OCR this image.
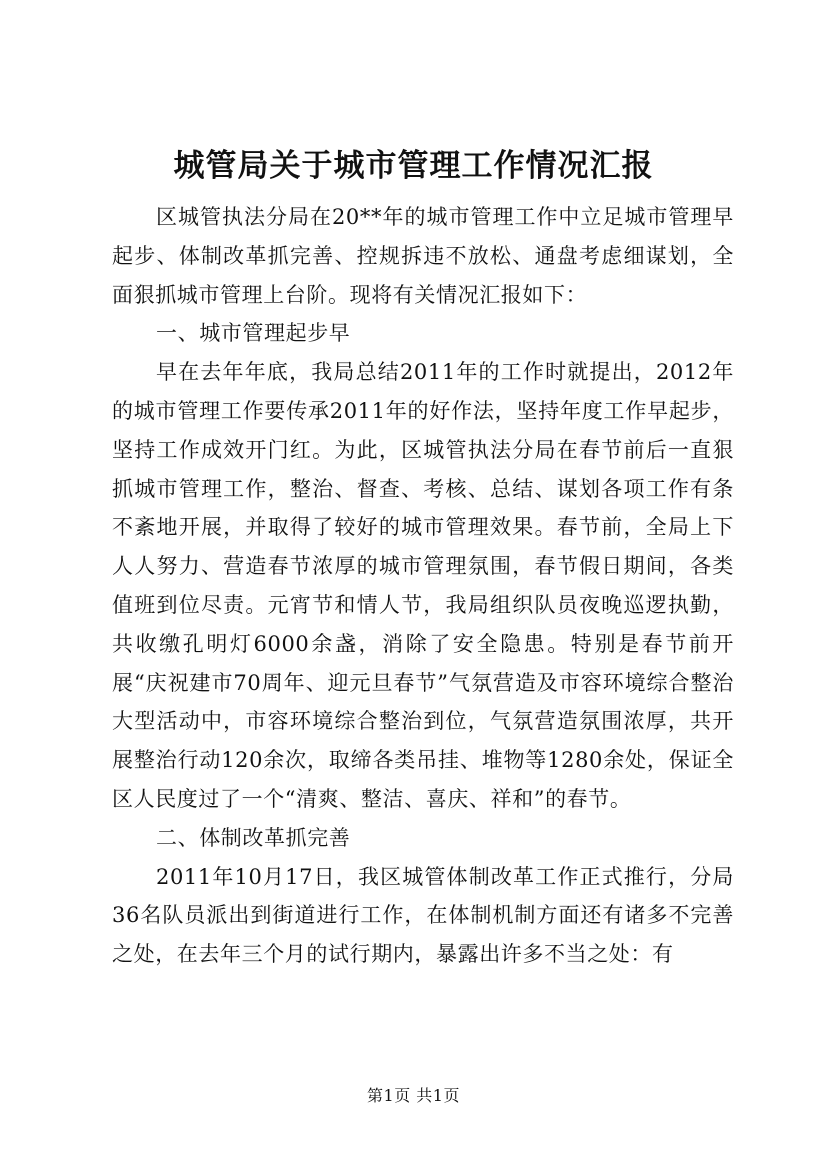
城管局关于城市管理工作情况汇报

区城管执法分局在20**年的城市管理工作中立足城市管理早起步、体制改革抓完善、控规拆违不放松、通盘考虑细谋划，全面狠抓城市管理上台阶。现将有关情况汇报如下：

一、城市管理起步早

早在去年年底，我局总结2011年的工作时就提出，2012年的城市管理工作要传承2011年的好作法，坚持年度工作早起步，坚持工作成效开门红。为此，区城管执法分局在春节前后一直狠抓城市管理工作，整治、督查、考核、总结、谋划各项工作有条不紊地开展，并取得了较好的城市管理效果。春节前，全局上下人人努力、营造春节浓厚的城市管理氛围，春节假日期间，各类值班到位尽责。元宵节和情人节，我局组织队员夜晚巡逻执勤，共收缴孔明灯6000余盏，消除了安全隐患。特别是春节前开展“庆祝建市70周年、迎元旦春节”气氛营造及市容环境综合整治大型活动中，市容环境综合整治到位，气氛营造氛围浓厚，共开展整治行动120余次，取缔各类吊挂、堆物等1280余处，保证全区人民度过了一个“清爽、整洁、喜庆、祥和”的春节。

二、体制改革抓完善

2011年10月17日，我区城管体制改革工作正式推行，分局36名队员派出到街道进行工作，在体制机制方面还有诸多不完善之处，在去年三个月的试行期内，暴露出许多不当之处：有

第1页 共1页
